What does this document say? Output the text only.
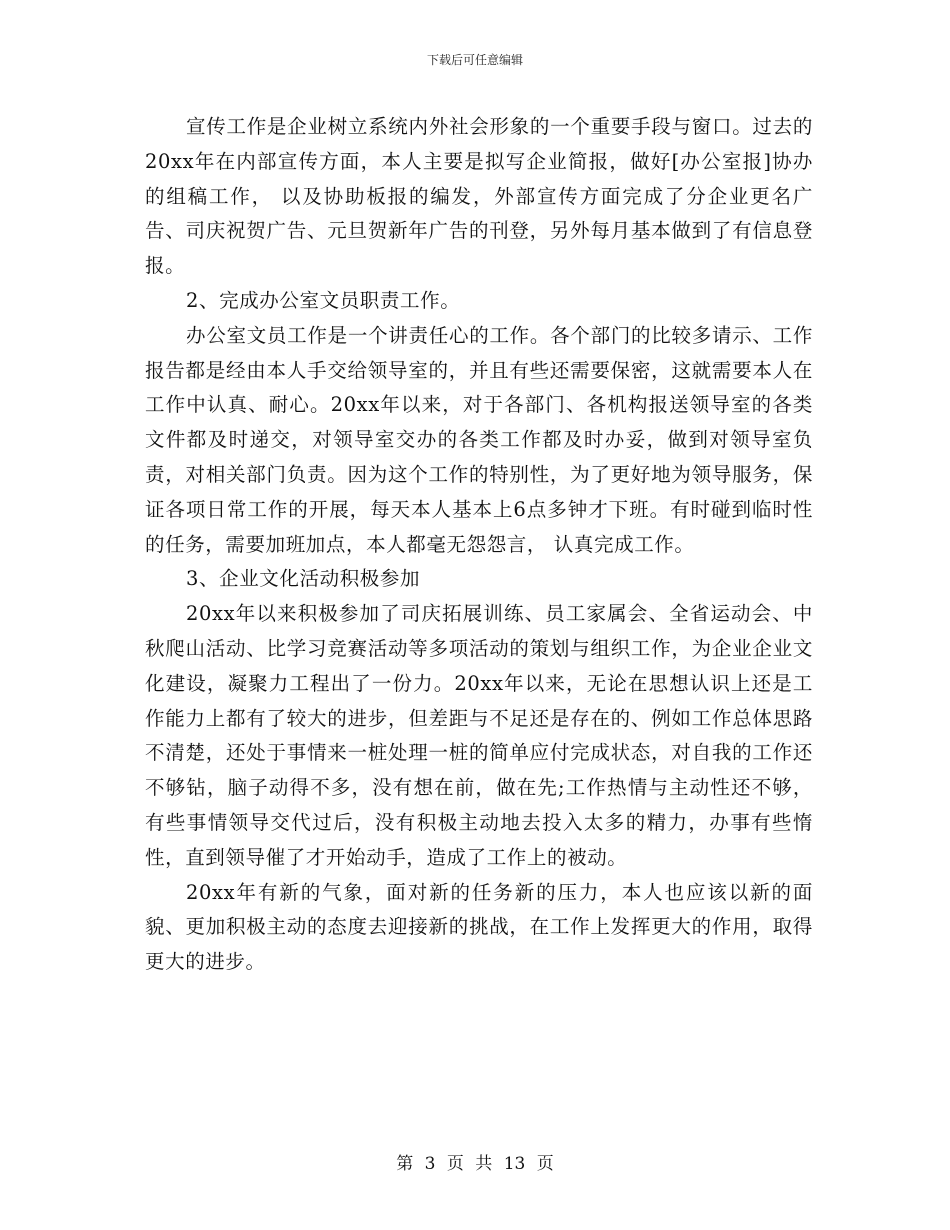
下载后可任意编辑

宣传工作是企业树立系统内外社会形象的一个重要手段与窗口。过去的20xx年在内部宣传方面，本人主要是拟写企业简报，做好[办公室报]协办的组稿工作， 以及协助板报的编发，外部宣传方面完成了分企业更名广告、司庆祝贺广告、元旦贺新年广告的刊登，另外每月基本做到了有信息登报。

2、完成办公室文员职责工作。

办公室文员工作是一个讲责任心的工作。各个部门的比较多请示、工作报告都是经由本人手交给领导室的，并且有些还需要保密，这就需要本人在工作中认真、耐心。20xx年以来，对于各部门、各机构报送领导室的各类文件都及时递交，对领导室交办的各类工作都及时办妥，做到对领导室负责，对相关部门负责。因为这个工作的特别性，为了更好地为领导服务，保证各项日常工作的开展，每天本人基本上6点多钟才下班。有时碰到临时性的任务，需要加班加点，本人都毫无怨怨言， 认真完成工作。

3、企业文化活动积极参加

20xx年以来积极参加了司庆拓展训练、员工家属会、全省运动会、中秋爬山活动、比学习竞赛活动等多项活动的策划与组织工作，为企业企业文化建设，凝聚力工程出了一份力。20xx年以来，无论在思想认识上还是工作能力上都有了较大的进步，但差距与不足还是存在的、例如工作总体思路不清楚，还处于事情来一桩处理一桩的简单应付完成状态，对自我的工作还不够钻，脑子动得不多，没有想在前，做在先;工作热情与主动性还不够，有些事情领导交代过后，没有积极主动地去投入太多的精力，办事有些惰性，直到领导催了才开始动手，造成了工作上的被动。

20xx年有新的气象，面对新的任务新的压力，本人也应该以新的面貌、更加积极主动的态度去迎接新的挑战，在工作上发挥更大的作用，取得更大的进步。

第 3 页 共 13 页
